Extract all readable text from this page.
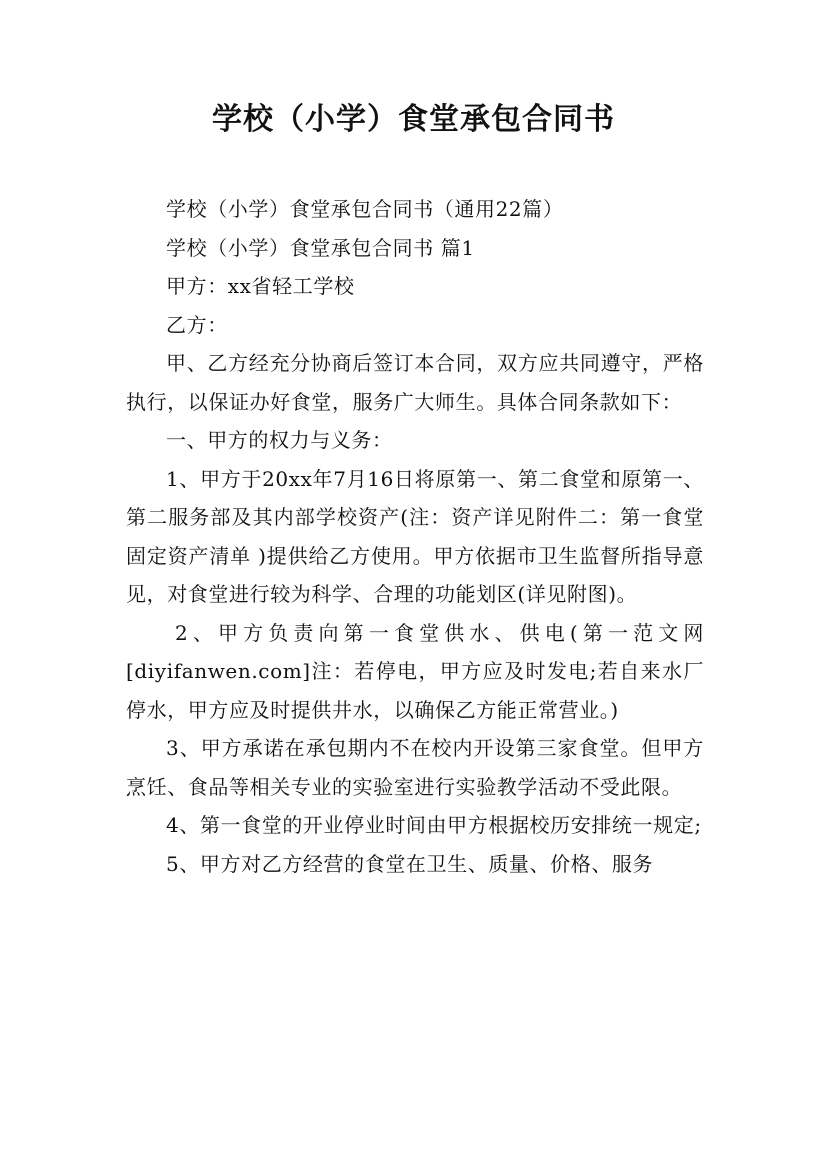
学校（小学）食堂承包合同书

学校（小学）食堂承包合同书（通用22篇）

学校（小学）食堂承包合同书 篇1

甲方：xx省轻工学校

乙方：

甲、乙方经充分协商后签订本合同，双方应共同遵守，严格执行，以保证办好食堂，服务广大师生。具体合同条款如下：

一、甲方的权力与义务：

1、甲方于20xx年7月16日将原第一、第二食堂和原第一、第二服务部及其内部学校资产(注：资产详见附件二：第一食堂固定资产清单 )提供给乙方使用。甲方依据市卫生监督所指导意见，对食堂进行较为科学、合理的功能划区(详见附图)。

2、甲方负责向第一食堂供水、供电(第一范文网[diyifanwen.com]注：若停电，甲方应及时发电;若自来水厂停水，甲方应及时提供井水，以确保乙方能正常营业。)

3、甲方承诺在承包期内不在校内开设第三家食堂。但甲方烹饪、食品等相关专业的实验室进行实验教学活动不受此限。

4、第一食堂的开业停业时间由甲方根据校历安排统一规定;

5、甲方对乙方经营的食堂在卫生、质量、价格、服务
